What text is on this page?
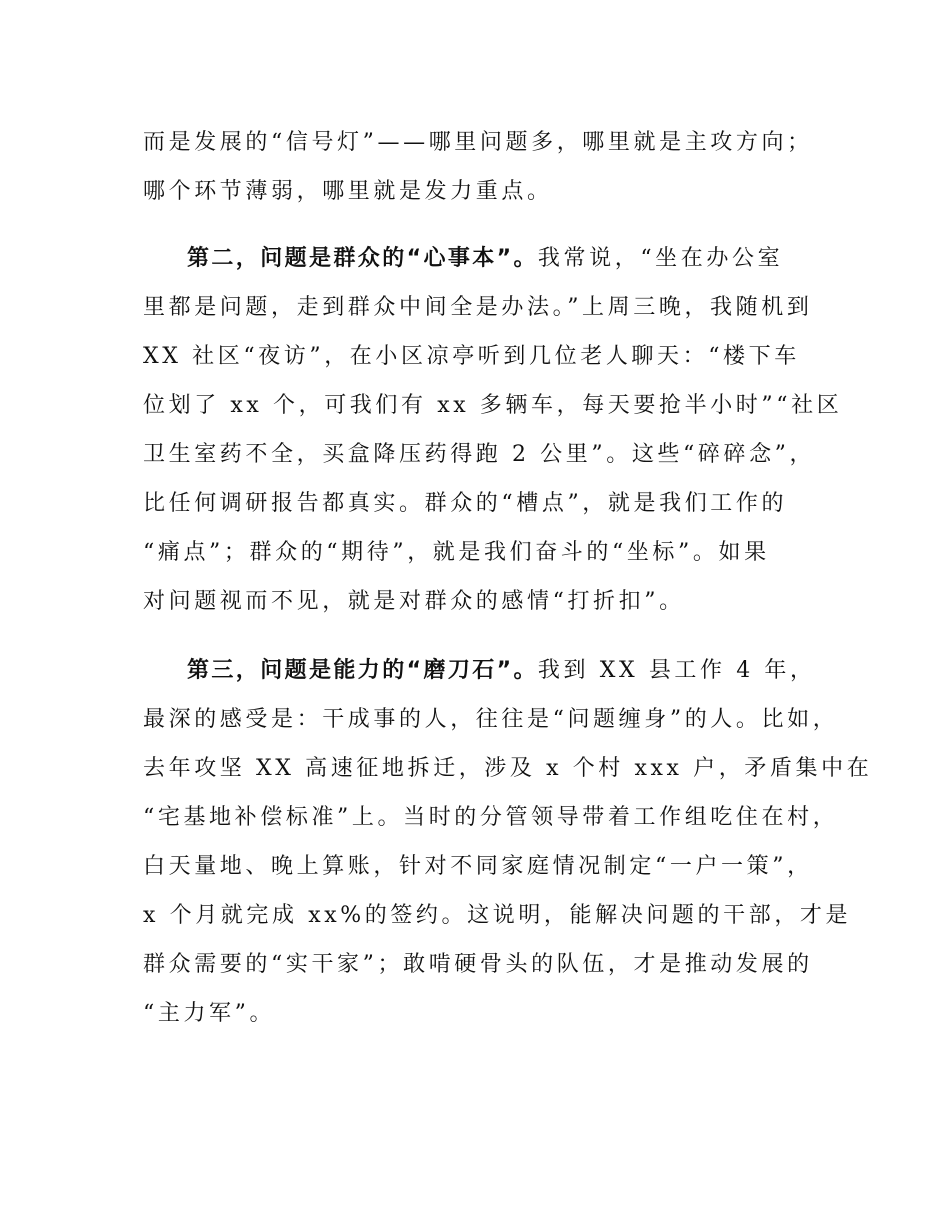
而是发展的“信号灯”——哪里问题多，哪里就是主攻方向；
哪个环节薄弱，哪里就是发力重点。
第二，问题是群众的“心事本”。我常说，“坐在办公室
里都是问题，走到群众中间全是办法。”上周三晚，我随机到
XX 社区“夜访”，在小区凉亭听到几位老人聊天：“楼下车
位划了 xx 个，可我们有 xx 多辆车，每天要抢半小时”“社区
卫生室药不全，买盒降压药得跑 2 公里”。这些“碎碎念”，
比任何调研报告都真实。群众的“槽点”，就是我们工作的
“痛点”；群众的“期待”，就是我们奋斗的“坐标”。如果
对问题视而不见，就是对群众的感情“打折扣”。
第三，问题是能力的“磨刀石”。我到 XX 县工作 4 年，
最深的感受是：干成事的人，往往是“问题缠身”的人。比如，
去年攻坚 XX 高速征地拆迁，涉及 x 个村 xxx 户，矛盾集中在
“宅基地补偿标准”上。当时的分管领导带着工作组吃住在村，
白天量地、晚上算账，针对不同家庭情况制定“一户一策”，
x 个月就完成 xx%的签约。这说明，能解决问题的干部，才是
群众需要的“实干家”；敢啃硬骨头的队伍，才是推动发展的
“主力军”。
